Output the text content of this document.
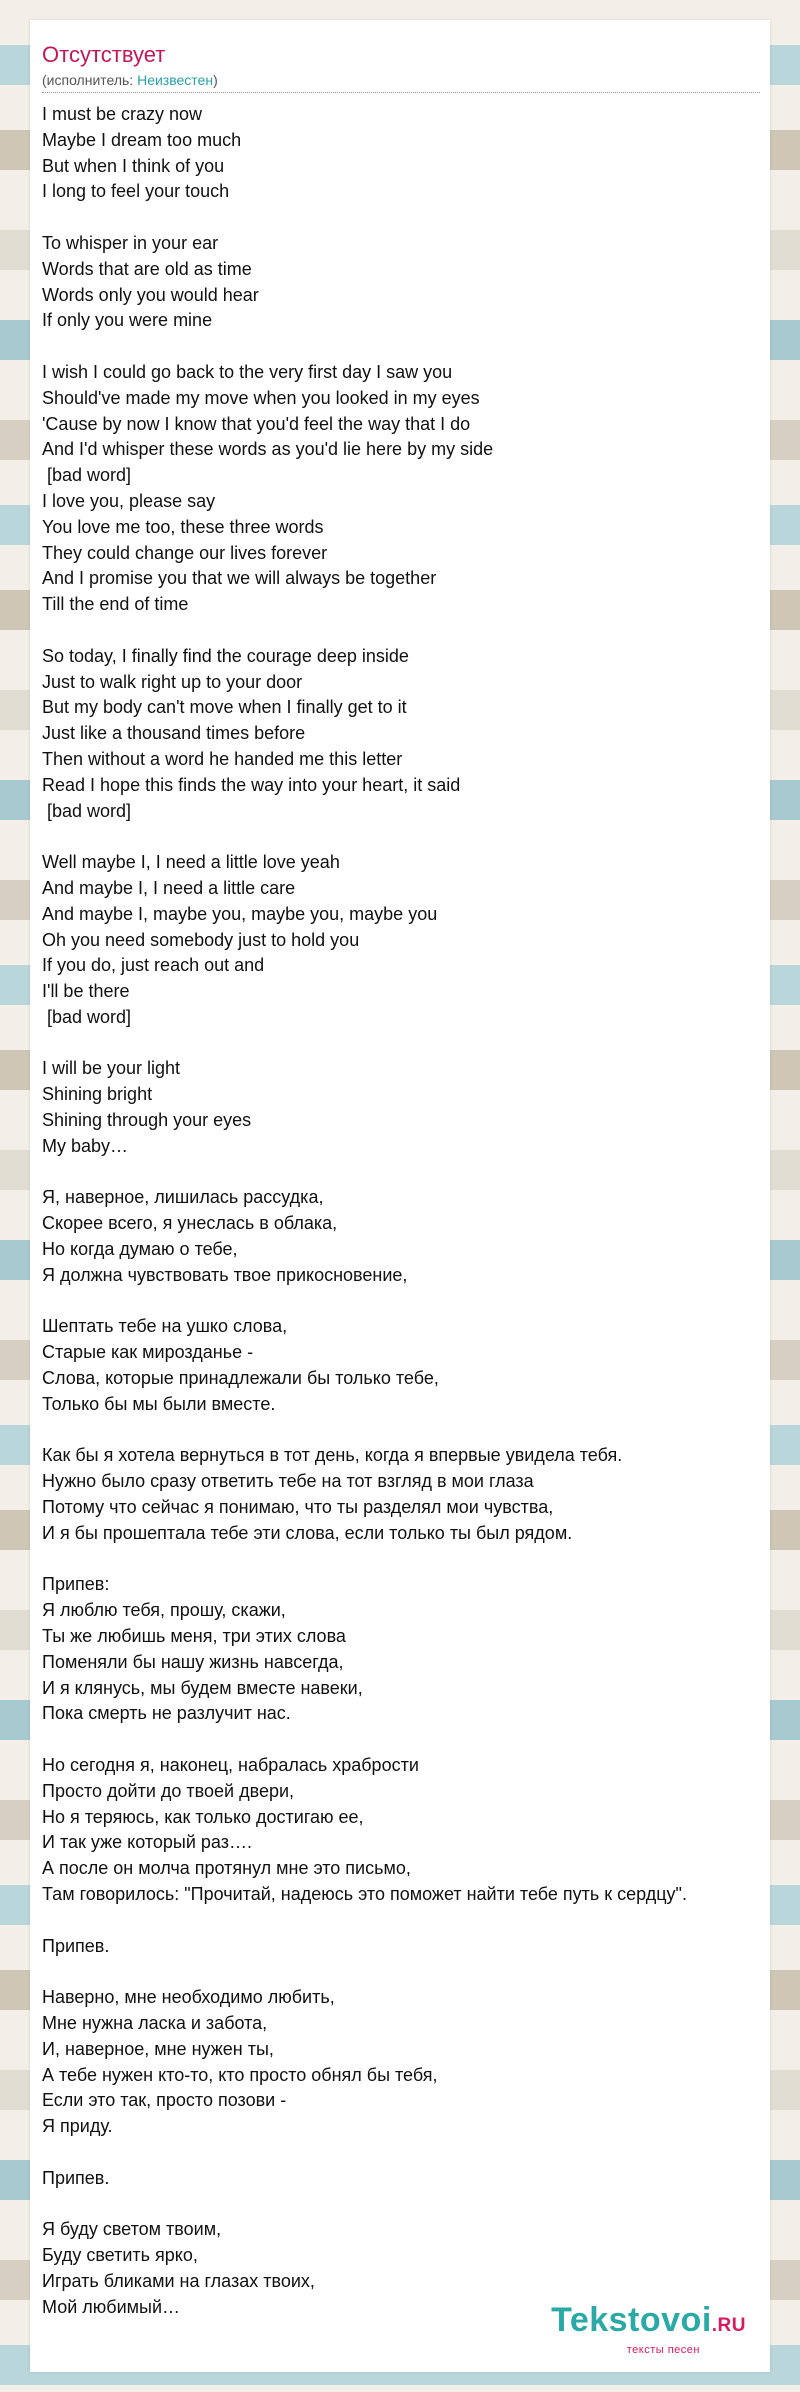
Отсутствует
(исполнитель: Неизвестен)
I must be crazy now
Maybe I dream too much
But when I think of you
I long to feel your touch
To whisper in your ear
Words that are old as time
Words only you would hear
If only you were mine
I wish I could go back to the very first day I saw you
Should've made my move when you looked in my eyes
'Cause by now I know that you'd feel the way that I do
And I'd whisper these words as you'd lie here by my side
[bad word]
I love you, please say
You love me too, these three words
They could change our lives forever
And I promise you that we will always be together
Till the end of time
So today, I finally find the courage deep inside
Just to walk right up to your door
But my body can't move when I finally get to it
Just like a thousand times before
Then without a word he handed me this letter
Read I hope this finds the way into your heart, it said
[bad word]
Well maybe I, I need a little love yeah
And maybe I, I need a little care
And maybe I, maybe you, maybe you, maybe you
Oh you need somebody just to hold you
If you do, just reach out and
I'll be there
[bad word]
I will be your light
Shining bright
Shining through your eyes
My baby…
Я, наверное, лишилась рассудка,
Скорее всего, я унеслась в облака,
Но когда думаю о тебе,
Я должна чувствовать твое прикосновение,
Шептать тебе на ушко слова,
Старые как мирозданье -
Слова, которые принадлежали бы только тебе,
Только бы мы были вместе.
Как бы я хотела вернуться в тот день, когда я впервые увидела тебя.
Нужно было сразу ответить тебе на тот взгляд в мои глаза
Потому что сейчас я понимаю, что ты разделял мои чувства,
И я бы прошептала тебе эти слова, если только ты был рядом.
Припев:
Я люблю тебя, прошу, скажи,
Ты же любишь меня, три этих слова
Поменяли бы нашу жизнь навсегда,
И я клянусь, мы будем вместе навеки,
Пока смерть не разлучит нас.
Но сегодня я, наконец, набралась храбрости
Просто дойти до твоей двери,
Но я теряюсь, как только достигаю ее,
И так уже который раз….
А после он молча протянул мне это письмо,
Там говорилось: "Прочитай, надеюсь это поможет найти тебе путь к сердцу".
Припев.
Наверно, мне необходимо любить,
Мне нужна ласка и забота,
И, наверное, мне нужен ты,
А тебе нужен кто-то, кто просто обнял бы тебя,
Если это так, просто позови -
Я приду.
Припев.
Я буду светом твоим,
Буду светить ярко,
Играть бликами на глазах твоих,
Мой любимый…	Tekstovoi.RU
тексты песен
